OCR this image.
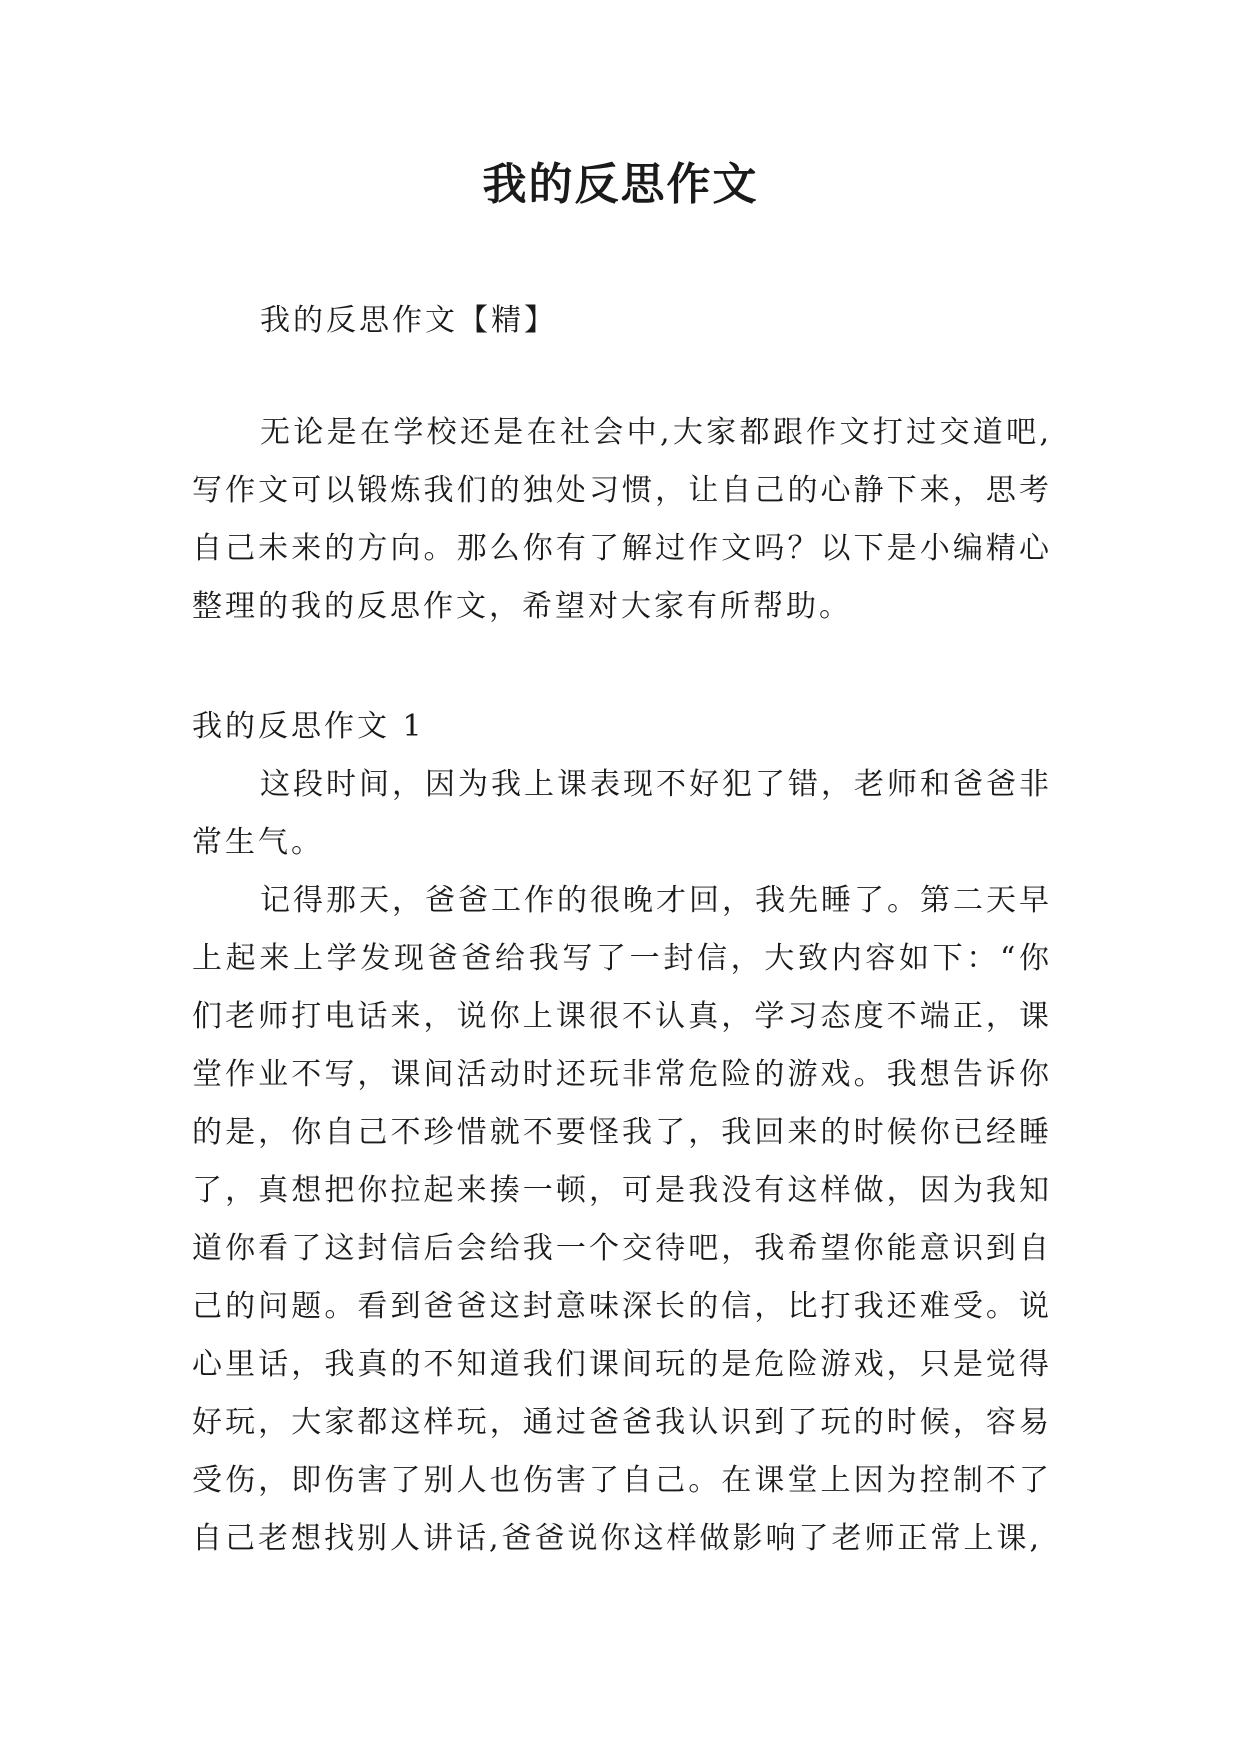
我的反思作文
我的反思作文【精】
无论是在学校还是在社会中,大家都跟作文打过交道吧,写作文可以锻炼我们的独处习惯，让自己的心静下来，思考自己未来的方向。那么你有了解过作文吗？以下是小编精心整理的我的反思作文，希望对大家有所帮助。
我的反思作文 1

这段时间，因为我上课表现不好犯了错，老师和爸爸非常生气。

记得那天，爸爸工作的很晚才回，我先睡了。第二天早上起来上学发现爸爸给我写了一封信，大致内容如下：“你们老师打电话来，说你上课很不认真，学习态度不端正，课堂作业不写，课间活动时还玩非常危险的游戏。我想告诉你的是，你自己不珍惜就不要怪我了，我回来的时候你已经睡了，真想把你拉起来揍一顿，可是我没有这样做，因为我知道你看了这封信后会给我一个交待吧，我希望你能意识到自己的问题。看到爸爸这封意味深长的信，比打我还难受。说心里话，我真的不知道我们课间玩的是危险游戏，只是觉得好玩，大家都这样玩，通过爸爸我认识到了玩的时候，容易受伤，即伤害了别人也伤害了自己。在课堂上因为控制不了自己老想找别人讲话,爸爸说你这样做影响了老师正常上课,
